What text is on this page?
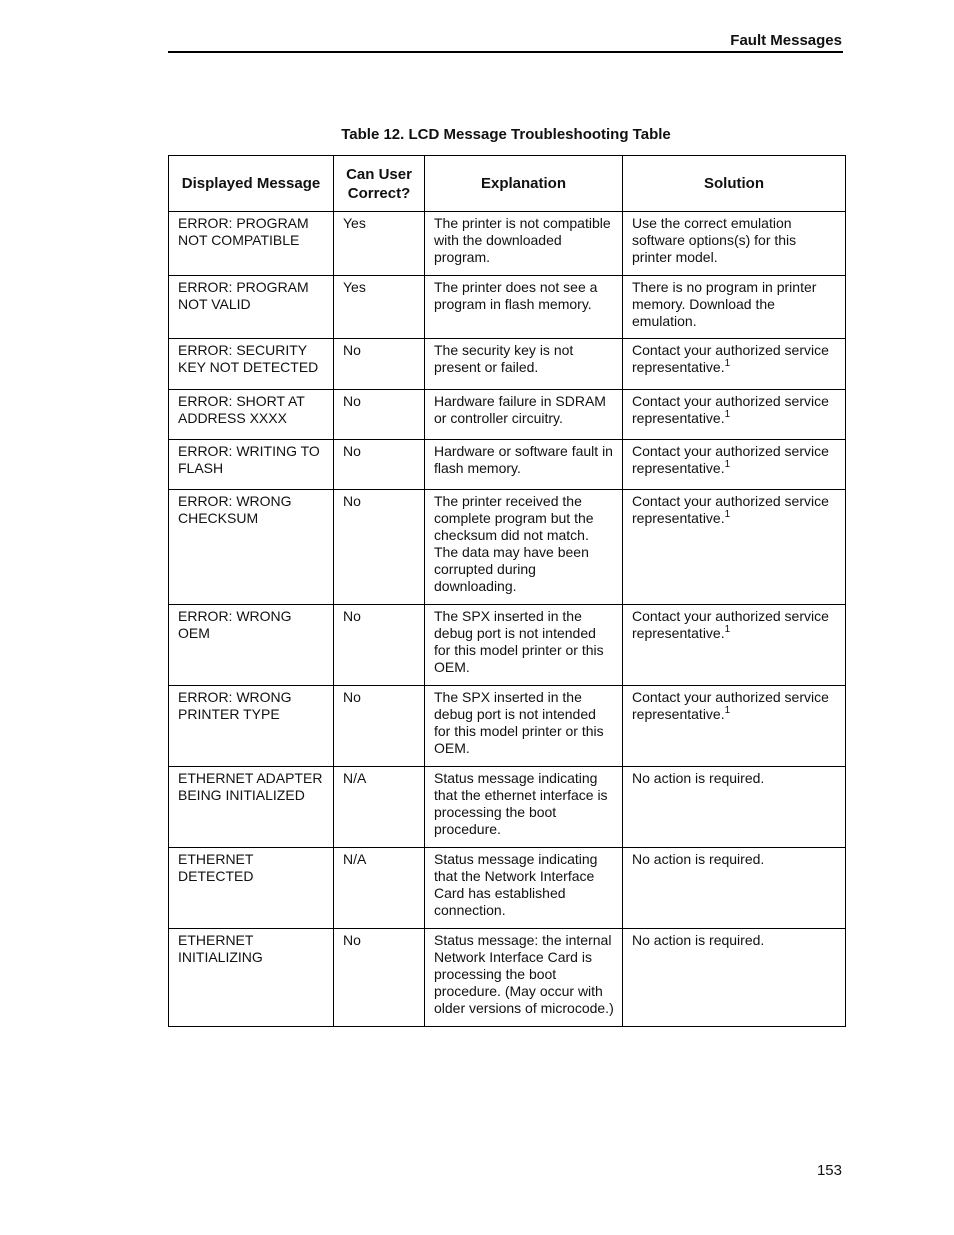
Fault Messages
Table 12. LCD Message Troubleshooting Table
Displayed Message	Can User Correct?	Explanation	Solution
ERROR: PROGRAM NOT COMPATIBLE	Yes	The printer is not compatible with the downloaded program.	Use the correct emulation software options(s) for this printer model.
ERROR: PROGRAM NOT VALID	Yes	The printer does not see a program in flash memory.	There is no program in printer memory. Download the emulation.
ERROR: SECURITY KEY NOT DETECTED	No	The security key is not present or failed.	Contact your authorized service representative.$^1$
ERROR: SHORT AT ADDRESS XXXX	No	Hardware failure in SDRAM or controller circuitry.	Contact your authorized service representative.$^1$
ERROR: WRITING TO FLASH	No	Hardware or software fault in flash memory.	Contact your authorized service representative.$^1$
ERROR: WRONG CHECKSUM	No	The printer received the complete program but the checksum did not match. The data may have been corrupted during downloading.	Contact your authorized service representative.$^1$
ERROR: WRONG OEM	No	The SPX inserted in the debug port is not intended for this model printer or this OEM.	Contact your authorized service representative.$^1$
ERROR: WRONG PRINTER TYPE	No	The SPX inserted in the debug port is not intended for this model printer or this OEM.	Contact your authorized service representative.$^1$
ETHERNET ADAPTER BEING INITIALIZED	N/A	Status message indicating that the ethernet interface is processing the boot procedure.	No action is required.
ETHERNET DETECTED	N/A	Status message indicating that the Network Interface Card has established connection.	No action is required.
ETHERNET INITIALIZING	No	Status message: the internal Network Interface Card is processing the boot procedure. (May occur with older versions of microcode.)	No action is required.
153
